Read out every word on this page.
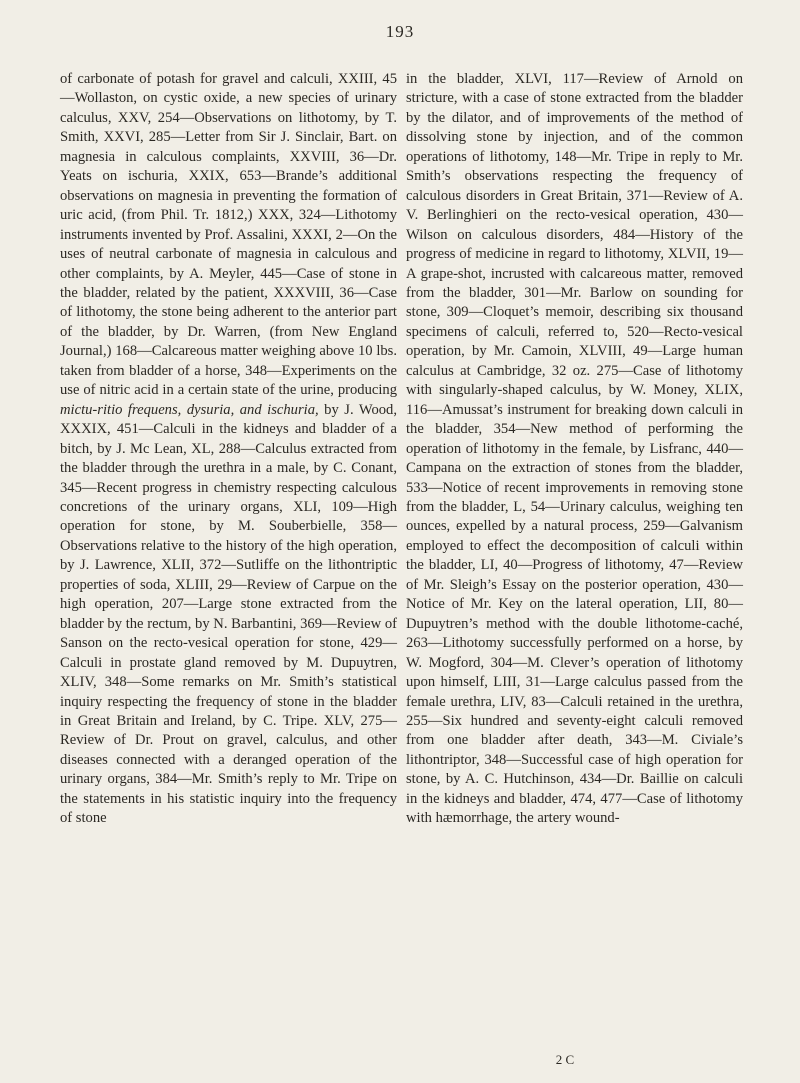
193

of carbonate of potash for gravel and calculi, XXIII, 45—Wollaston, on cystic oxide, a new species of urinary calculus, XXV, 254—Observations on lithotomy, by T. Smith, XXVI, 285—Letter from Sir J. Sinclair, Bart. on magnesia in calculous complaints, XXVIII, 36—Dr. Yeats on ischuria, XXIX, 653—Brande’s additional observations on magnesia in preventing the formation of uric acid, (from Phil. Tr. 1812,) XXX, 324—Lithotomy instruments invented by Prof. Assalini, XXXI, 2—On the uses of neutral carbonate of magnesia in calculous and other complaints, by A. Meyler, 445—Case of stone in the bladder, related by the patient, XXXVIII, 36—Case of lithotomy, the stone being adherent to the anterior part of the bladder, by Dr. Warren, (from New England Journal,) 168—Calcareous matter weighing above 10 lbs. taken from bladder of a horse, 348—Experiments on the use of nitric acid in a certain state of the urine, producing mictu-ritio frequens, dysuria, and ischuria, by J. Wood, XXXIX, 451—Calculi in the kidneys and bladder of a bitch, by J. Mc Lean, XL, 288—Calculus extracted from the bladder through the urethra in a male, by C. Conant, 345—Recent progress in chemistry respecting calculous concretions of the urinary organs, XLI, 109—High operation for stone, by M. Souberbielle, 358—Observations relative to the history of the high operation, by J. Lawrence, XLII, 372—Sutliffe on the lithontriptic properties of soda, XLIII, 29—Review of Carpue on the high operation, 207—Large stone extracted from the bladder by the rectum, by N. Barbantini, 369—Review of Sanson on the recto-vesical operation for stone, 429—Calculi in prostate gland removed by M. Dupuytren, XLIV, 348—Some remarks on Mr. Smith’s statistical inquiry respecting the frequency of stone in the bladder in Great Britain and Ireland, by C. Tripe. XLV, 275—Review of Dr. Prout on gravel, calculus, and other diseases connected with a deranged operation of the urinary organs, 384—Mr. Smith’s reply to Mr. Tripe on the statements in his statistic inquiry into the frequency of stone

in the bladder, XLVI, 117—Review of Arnold on stricture, with a case of stone extracted from the bladder by the dilator, and of improvements of the method of dissolving stone by injection, and of the common operations of lithotomy, 148—Mr. Tripe in reply to Mr. Smith’s observations respecting the frequency of calculous disorders in Great Britain, 371—Review of A. V. Berlinghieri on the recto-vesical operation, 430—Wilson on calculous disorders, 484—History of the progress of medicine in regard to lithotomy, XLVII, 19—A grape-shot, incrusted with calcareous matter, removed from the bladder, 301—Mr. Barlow on sounding for stone, 309—Cloquet’s memoir, describing six thousand specimens of calculi, referred to, 520—Recto-vesical operation, by Mr. Camoin, XLVIII, 49—Large human calculus at Cambridge, 32 oz. 275—Case of lithotomy with singularly-shaped calculus, by W. Money, XLIX, 116—Amussat’s instrument for breaking down calculi in the bladder, 354—New method of performing the operation of lithotomy in the female, by Lisfranc, 440—Campana on the extraction of stones from the bladder, 533—Notice of recent improvements in removing stone from the bladder, L, 54—Urinary calculus, weighing ten ounces, expelled by a natural process, 259—Galvanism employed to effect the decomposition of calculi within the bladder, LI, 40—Progress of lithotomy, 47—Review of Mr. Sleigh’s Essay on the posterior operation, 430—Notice of Mr. Key on the lateral operation, LII, 80—Dupuytren’s method with the double lithotome-caché, 263—Lithotomy successfully performed on a horse, by W. Mogford, 304—M. Clever’s operation of lithotomy upon himself, LIII, 31—Large calculus passed from the female urethra, LIV, 83—Calculi retained in the urethra, 255—Six hundred and seventy-eight calculi removed from one bladder after death, 343—M. Civiale’s lithontriptor, 348—Successful case of high operation for stone, by A. C. Hutchinson, 434—Dr. Baillie on calculi in the kidneys and bladder, 474, 477—Case of lithotomy with hæmorrhage, the artery wound-

2 C
